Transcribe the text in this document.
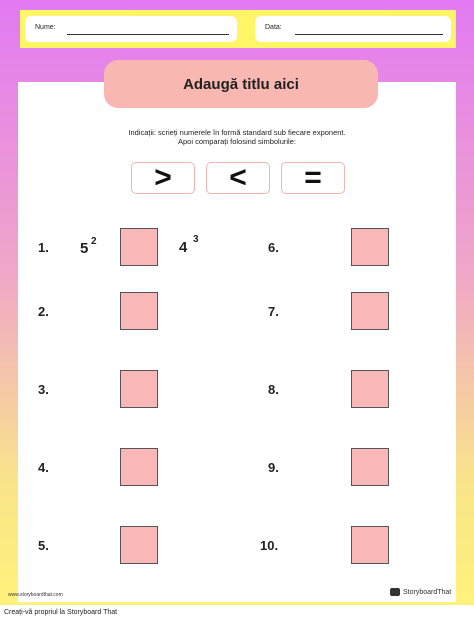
Nume:	Data:
Adaugă titlu aici
Indicații: scrieți numerele în formă standard sub fiecare exponent.
Apoi comparați folosind simbolurile:
>	<	=
1.
2.
3.
4.
5.
5 2	4 3
6.
7.
8.
9.
10.
www.storyboardthat.com	StoryboardThat
Creați-vă propriul la Storyboard That
